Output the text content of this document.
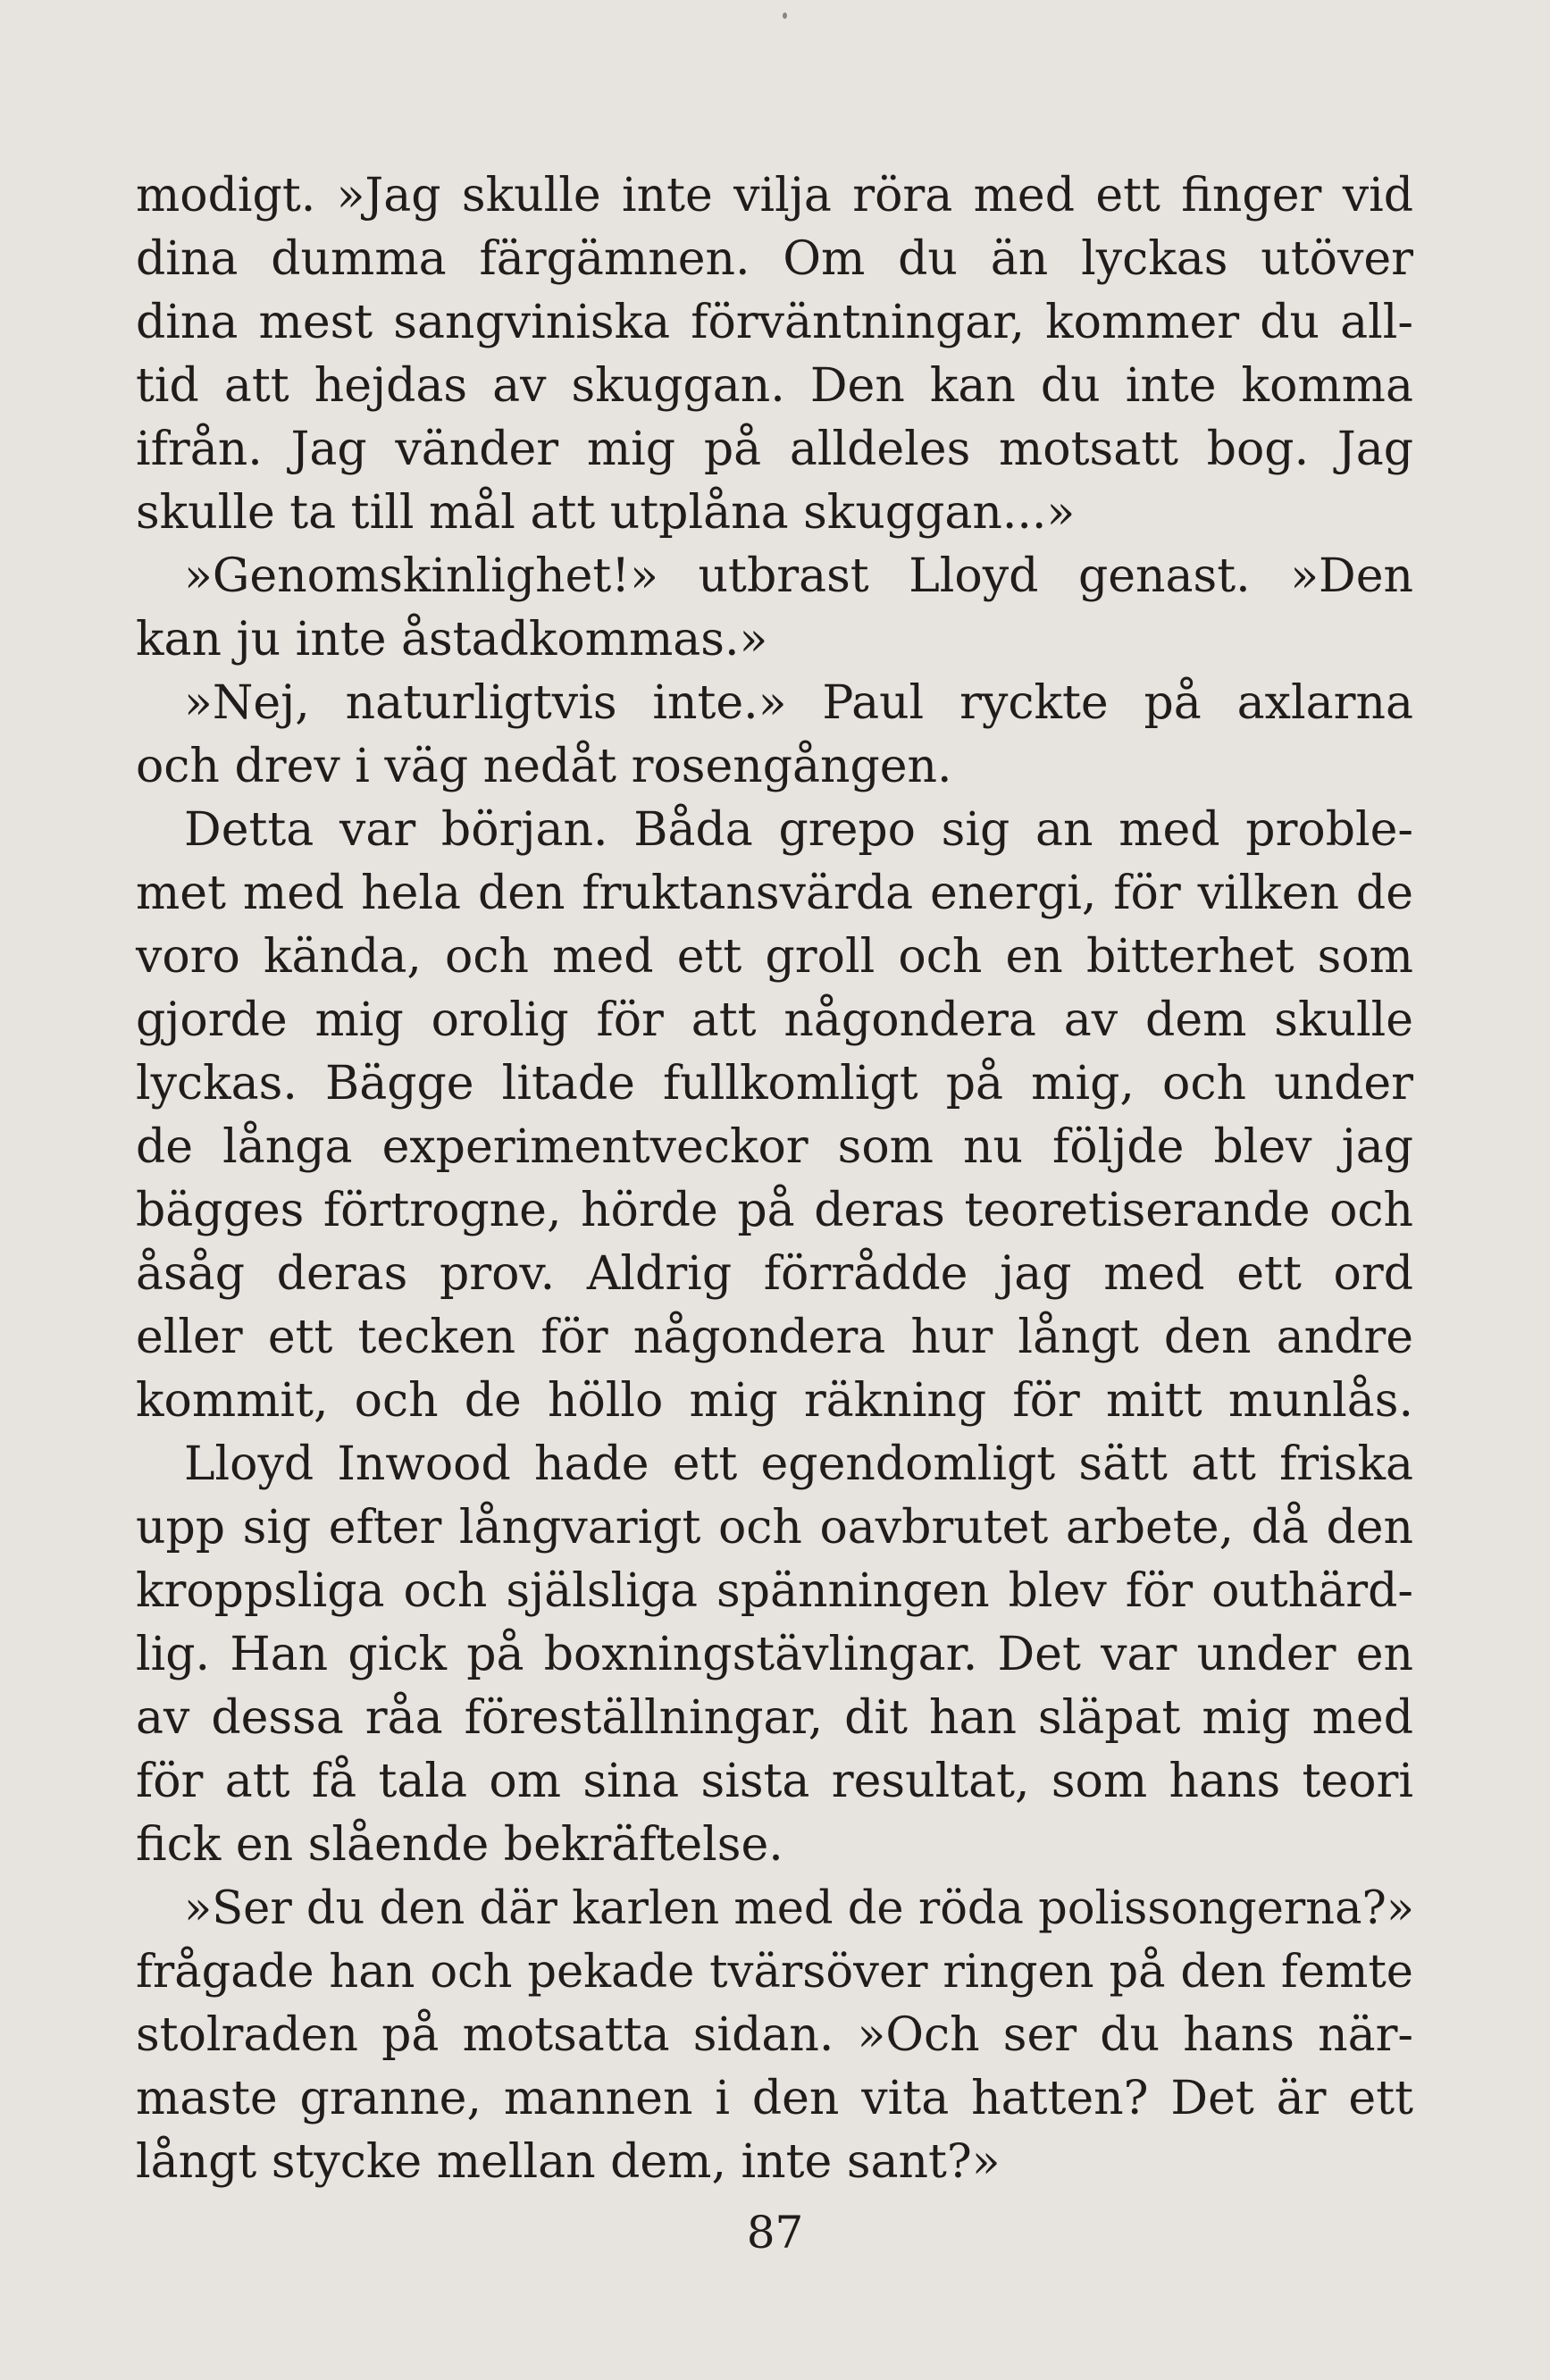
modigt. »Jag skulle inte vilja röra med ett finger vid
dina dumma färgämnen. Om du än lyckas utöver
dina mest sangviniska förväntningar, kommer du all-
tid att hejdas av skuggan. Den kan du inte komma
ifrån. Jag vänder mig på alldeles motsatt bog. Jag
skulle ta till mål att utplåna skuggan...»
»Genomskinlighet!» utbrast Lloyd genast. »Den
kan ju inte åstadkommas.»
»Nej, naturligtvis inte.» Paul ryckte på axlarna
och drev i väg nedåt rosengången.
Detta var början. Båda grepo sig an med proble-
met med hela den fruktansvärda energi, för vilken de
voro kända, och med ett groll och en bitterhet som
gjorde mig orolig för att någondera av dem skulle
lyckas. Bägge litade fullkomligt på mig, och under
de långa experimentveckor som nu följde blev jag
bägges förtrogne, hörde på deras teoretiserande och
åsåg deras prov. Aldrig förrådde jag med ett ord
eller ett tecken för någondera hur långt den andre
kommit, och de höllo mig räkning för mitt munlås.
Lloyd Inwood hade ett egendomligt sätt att friska
upp sig efter långvarigt och oavbrutet arbete, då den
kroppsliga och själsliga spänningen blev för outhärd-
lig. Han gick på boxningstävlingar. Det var under en
av dessa råa föreställningar, dit han släpat mig med
för att få tala om sina sista resultat, som hans teori
fick en slående bekräftelse.
»Ser du den där karlen med de röda polissongerna?»
frågade han och pekade tvärsöver ringen på den femte
stolraden på motsatta sidan. »Och ser du hans när-
maste granne, mannen i den vita hatten? Det är ett
långt stycke mellan dem, inte sant?»
87
